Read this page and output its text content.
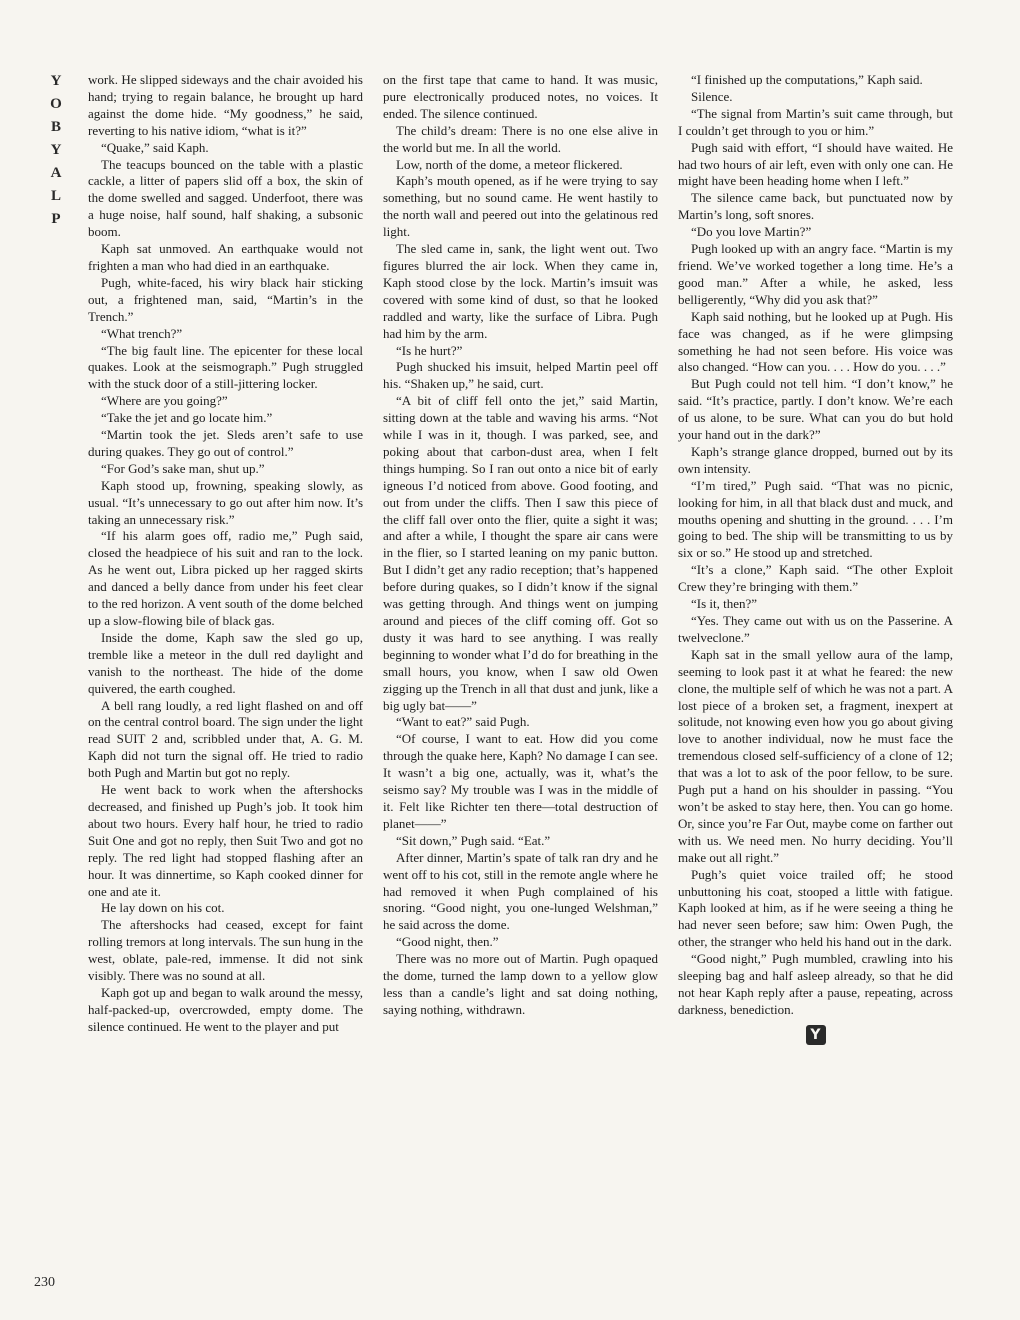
Y
O
B
Y
A
L
P
230

work. He slipped sideways and the chair avoided his hand; trying to regain balance, he brought up hard against the dome hide. “My goodness,” he said, reverting to his native idiom, “what is it?”

“Quake,” said Kaph.

The teacups bounced on the table with a plastic cackle, a litter of papers slid off a box, the skin of the dome swelled and sagged. Underfoot, there was a huge noise, half sound, half shaking, a subsonic boom.

Kaph sat unmoved. An earthquake would not frighten a man who had died in an earthquake.

Pugh, white-faced, his wiry black hair sticking out, a frightened man, said, “Martin’s in the Trench.”

“What trench?”

“The big fault line. The epicenter for these local quakes. Look at the seismograph.” Pugh struggled with the stuck door of a still-jittering locker.

“Where are you going?”

“Take the jet and go locate him.”

“Martin took the jet. Sleds aren’t safe to use during quakes. They go out of control.”

“For God’s sake man, shut up.”

Kaph stood up, frowning, speaking slowly, as usual. “It’s unnecessary to go out after him now. It’s taking an unnecessary risk.”

“If his alarm goes off, radio me,” Pugh said, closed the headpiece of his suit and ran to the lock. As he went out, Libra picked up her ragged skirts and danced a belly dance from under his feet clear to the red horizon. A vent south of the dome belched up a slow-flowing bile of black gas.

Inside the dome, Kaph saw the sled go up, tremble like a meteor in the dull red daylight and vanish to the northeast. The hide of the dome quivered, the earth coughed.

A bell rang loudly, a red light flashed on and off on the central control board. The sign under the light read SUIT 2 and, scribbled under that, A. G. M. Kaph did not turn the signal off. He tried to radio both Pugh and Martin but got no reply.

He went back to work when the aftershocks decreased, and finished up Pugh’s job. It took him about two hours. Every half hour, he tried to radio Suit One and got no reply, then Suit Two and got no reply. The red light had stopped flashing after an hour. It was dinnertime, so Kaph cooked dinner for one and ate it.

He lay down on his cot.

The aftershocks had ceased, except for faint rolling tremors at long intervals. The sun hung in the west, oblate, pale-red, immense. It did not sink visibly. There was no sound at all.

Kaph got up and began to walk around the messy, half-packed-up, overcrowded, empty dome. The silence continued. He went to the player and put

on the first tape that came to hand. It was music, pure electronically produced notes, no voices. It ended. The silence continued.

The child’s dream: There is no one else alive in the world but me. In all the world.

Low, north of the dome, a meteor flickered.

Kaph’s mouth opened, as if he were trying to say something, but no sound came. He went hastily to the north wall and peered out into the gelatinous red light.

The sled came in, sank, the light went out. Two figures blurred the air lock. When they came in, Kaph stood close by the lock. Martin’s imsuit was covered with some kind of dust, so that he looked raddled and warty, like the surface of Libra. Pugh had him by the arm.

“Is he hurt?”

Pugh shucked his imsuit, helped Martin peel off his. “Shaken up,” he said, curt.

“A bit of cliff fell onto the jet,” said Martin, sitting down at the table and waving his arms. “Not while I was in it, though. I was parked, see, and poking about that carbon-dust area, when I felt things humping. So I ran out onto a nice bit of early igneous I’d noticed from above. Good footing, and out from under the cliffs. Then I saw this piece of the cliff fall over onto the flier, quite a sight it was; and after a while, I thought the spare air cans were in the flier, so I started leaning on my panic button. But I didn’t get any radio reception; that’s happened before during quakes, so I didn’t know if the signal was getting through. And things went on jumping around and pieces of the cliff coming off. Got so dusty it was hard to see anything. I was really beginning to wonder what I’d do for breathing in the small hours, you know, when I saw old Owen zigging up the Trench in all that dust and junk, like a big ugly bat——”

“Want to eat?” said Pugh.

“Of course, I want to eat. How did you come through the quake here, Kaph? No damage I can see. It wasn’t a big one, actually, was it, what’s the seismo say? My trouble was I was in the middle of it. Felt like Richter ten there—total destruction of planet——”

“Sit down,” Pugh said. “Eat.”

After dinner, Martin’s spate of talk ran dry and he went off to his cot, still in the remote angle where he had removed it when Pugh complained of his snoring. “Good night, you one-lunged Welshman,” he said across the dome.

“Good night, then.”

There was no more out of Martin. Pugh opaqued the dome, turned the lamp down to a yellow glow less than a candle’s light and sat doing nothing, saying nothing, withdrawn.

“I finished up the computations,” Kaph said.

Silence.

“The signal from Martin’s suit came through, but I couldn’t get through to you or him.”

Pugh said with effort, “I should have waited. He had two hours of air left, even with only one can. He might have been heading home when I left.”

The silence came back, but punctuated now by Martin’s long, soft snores.

“Do you love Martin?”

Pugh looked up with an angry face. “Martin is my friend. We’ve worked together a long time. He’s a good man.” After a while, he asked, less belligerently, “Why did you ask that?”

Kaph said nothing, but he looked up at Pugh. His face was changed, as if he were glimpsing something he had not seen before. His voice was also changed. “How can you. . . . How do you. . . .”

But Pugh could not tell him. “I don’t know,” he said. “It’s practice, partly. I don’t know. We’re each of us alone, to be sure. What can you do but hold your hand out in the dark?”

Kaph’s strange glance dropped, burned out by its own intensity.

“I’m tired,” Pugh said. “That was no picnic, looking for him, in all that black dust and muck, and mouths opening and shutting in the ground. . . . I’m going to bed. The ship will be transmitting to us by six or so.” He stood up and stretched.

“It’s a clone,” Kaph said. “The other Exploit Crew they’re bringing with them.”

“Is it, then?”

“Yes. They came out with us on the Passerine. A twelveclone.”

Kaph sat in the small yellow aura of the lamp, seeming to look past it at what he feared: the new clone, the multiple self of which he was not a part. A lost piece of a broken set, a fragment, inexpert at solitude, not knowing even how you go about giving love to another individual, now he must face the tremendous closed self-sufficiency of a clone of 12; that was a lot to ask of the poor fellow, to be sure. Pugh put a hand on his shoulder in passing. “You won’t be asked to stay here, then. You can go home. Or, since you’re Far Out, maybe come on farther out with us. We need men. No hurry deciding. You’ll make out all right.”

Pugh’s quiet voice trailed off; he stood unbuttoning his coat, stooped a little with fatigue. Kaph looked at him, as if he were seeing a thing he had never seen before; saw him: Owen Pugh, the other, the stranger who held his hand out in the dark.

“Good night,” Pugh mumbled, crawling into his sleeping bag and half asleep already, so that he did not hear Kaph reply after a pause, repeating, across darkness, benediction.

Y
